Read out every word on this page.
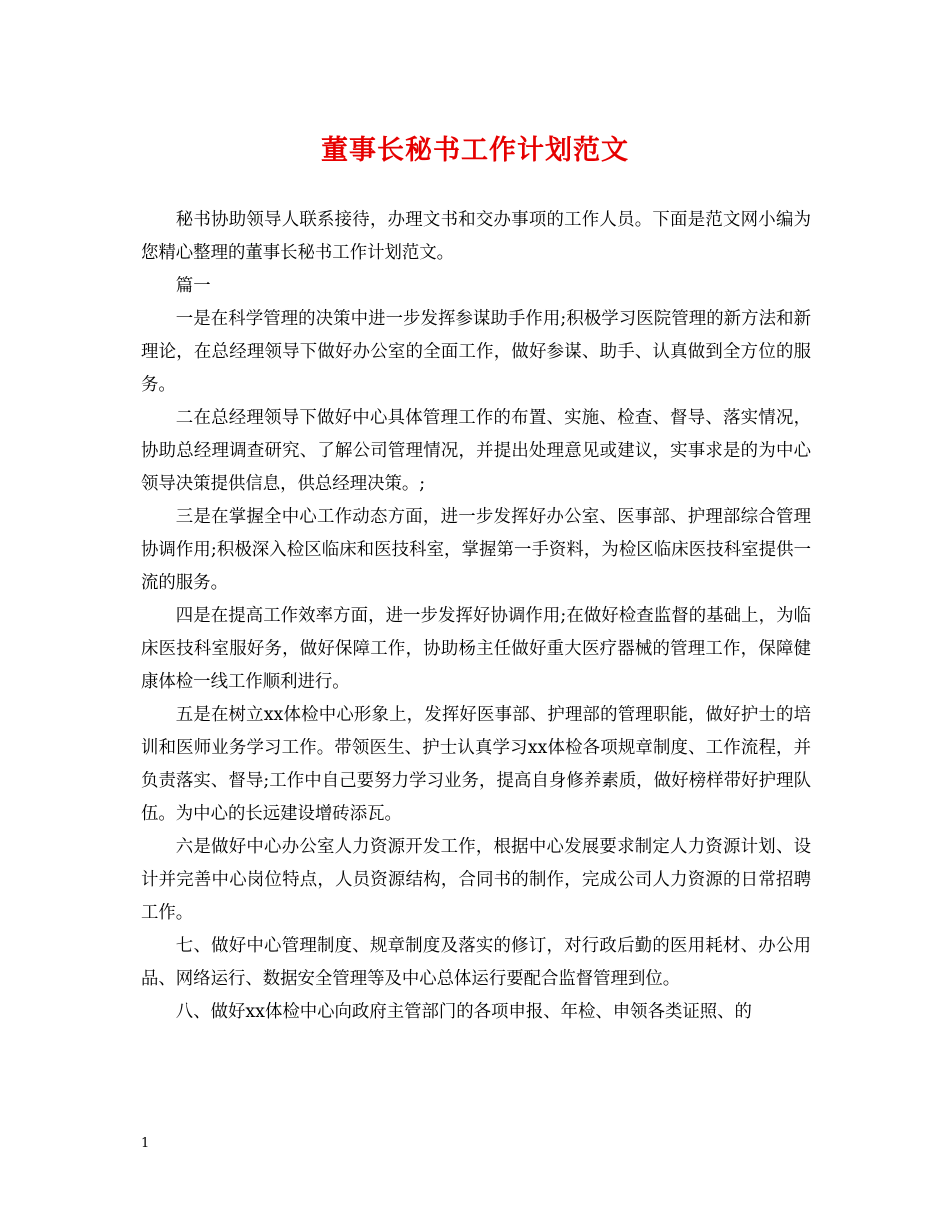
董事长秘书工作计划范文

秘书协助领导人联系接待，办理文书和交办事项的工作人员。下面是范文网小编为您精心整理的董事长秘书工作计划范文。

篇一

一是在科学管理的决策中进一步发挥参谋助手作用;积极学习医院管理的新方法和新理论，在总经理领导下做好办公室的全面工作，做好参谋、助手、认真做到全方位的服务。

二在总经理领导下做好中心具体管理工作的布置、实施、检查、督导、落实情况，协助总经理调查研究、了解公司管理情况，并提出处理意见或建议，实事求是的为中心领导决策提供信息，供总经理决策。;

三是在掌握全中心工作动态方面，进一步发挥好办公室、医事部、护理部综合管理协调作用;积极深入检区临床和医技科室，掌握第一手资料，为检区临床医技科室提供一流的服务。

四是在提高工作效率方面，进一步发挥好协调作用;在做好检查监督的基础上，为临床医技科室服好务，做好保障工作，协助杨主任做好重大医疗器械的管理工作，保障健康体检一线工作顺利进行。

五是在树立xx体检中心形象上，发挥好医事部、护理部的管理职能，做好护士的培训和医师业务学习工作。带领医生、护士认真学习xx体检各项规章制度、工作流程，并负责落实、督导;工作中自己要努力学习业务，提高自身修养素质，做好榜样带好护理队伍。为中心的长远建设增砖添瓦。

六是做好中心办公室人力资源开发工作，根据中心发展要求制定人力资源计划、设计并完善中心岗位特点，人员资源结构，合同书的制作，完成公司人力资源的日常招聘工作。

七、做好中心管理制度、规章制度及落实的修订，对行政后勤的医用耗材、办公用品、网络运行、数据安全管理等及中心总体运行要配合监督管理到位。

八、做好xx体检中心向政府主管部门的各项申报、年检、申领各类证照、的

1
